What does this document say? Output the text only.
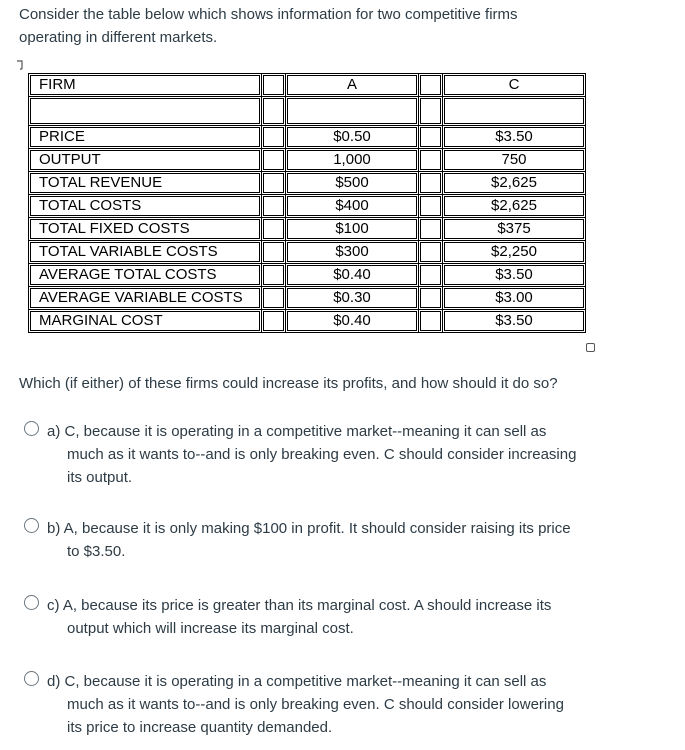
Consider the table below which shows information for two competitive firms
operating in different markets.

FIRM		A		C

PRICE		$0.50		$3.50
OUTPUT		1,000		750
TOTAL REVENUE		$500		$2,625
TOTAL COSTS		$400		$2,625
TOTAL FIXED COSTS		$100		$375
TOTAL VARIABLE COSTS		$300		$2,250
AVERAGE TOTAL COSTS		$0.40		$3.50
AVERAGE VARIABLE COSTS		$0.30		$3.00
MARGINAL COST		$0.40		$3.50

Which (if either) of these firms could increase its profits, and how should it do so?

a) C, because it is operating in a competitive market--meaning it can sell as
much as it wants to--and is only breaking even. C should consider increasing
its output.
b) A, because it is only making $100 in profit. It should consider raising its price
to $3.50.
c) A, because its price is greater than its marginal cost. A should increase its
output which will increase its marginal cost.
d) C, because it is operating in a competitive market--meaning it can sell as
much as it wants to--and is only breaking even. C should consider lowering
its price to increase quantity demanded.
